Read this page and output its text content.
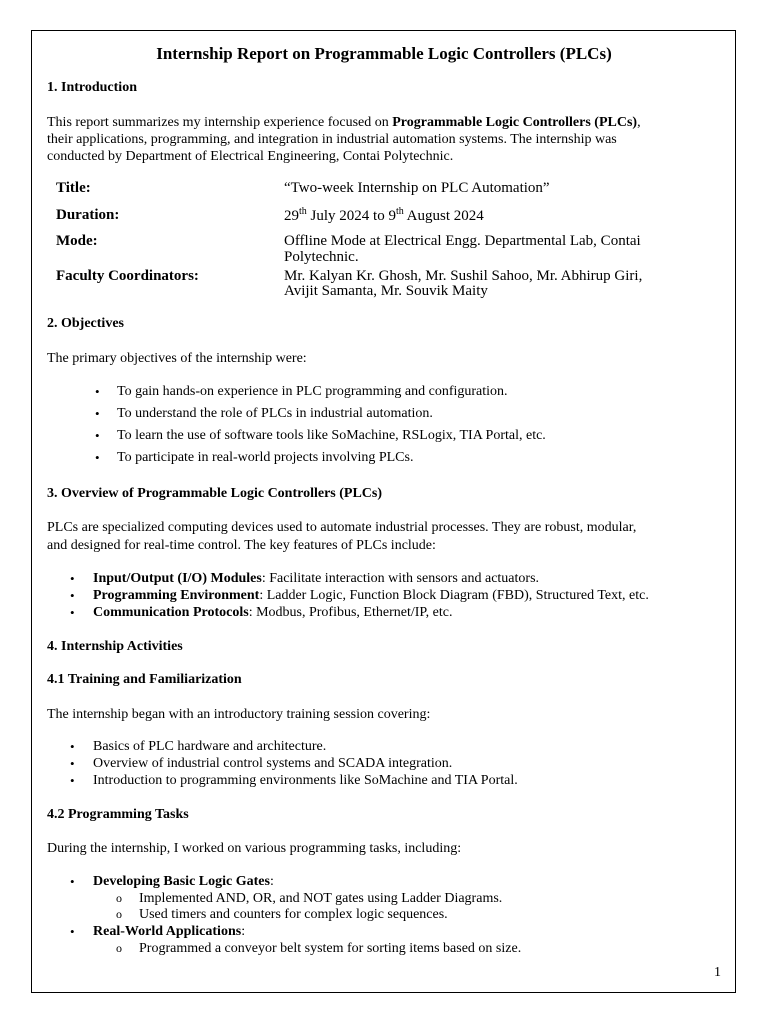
Internship Report on Programmable Logic Controllers (PLCs)
1. Introduction
This report summarizes my internship experience focused on Programmable Logic Controllers (PLCs),
their applications, programming, and integration in industrial automation systems. The internship was
conducted by Department of Electrical Engineering, Contai Polytechnic.
Title:	“Two-week Internship on PLC Automation”
Duration:	29th July 2024 to 9th August 2024
Mode:	Offline Mode at Electrical Engg. Departmental Lab, Contai
Polytechnic.
Faculty Coordinators:	Mr. Kalyan Kr. Ghosh, Mr. Sushil Sahoo, Mr. Abhirup Giri,
Avijit Samanta, Mr. Souvik Maity
2. Objectives
The primary objectives of the internship were:
• To gain hands-on experience in PLC programming and configuration.
• To understand the role of PLCs in industrial automation.
• To learn the use of software tools like SoMachine, RSLogix, TIA Portal, etc.
• To participate in real-world projects involving PLCs.
3. Overview of Programmable Logic Controllers (PLCs)
PLCs are specialized computing devices used to automate industrial processes. They are robust, modular,
and designed for real-time control. The key features of PLCs include:
• Input/Output (I/O) Modules: Facilitate interaction with sensors and actuators.
• Programming Environment: Ladder Logic, Function Block Diagram (FBD), Structured Text, etc.
• Communication Protocols: Modbus, Profibus, Ethernet/IP, etc.
4. Internship Activities
4.1 Training and Familiarization
The internship began with an introductory training session covering:
• Basics of PLC hardware and architecture.
• Overview of industrial control systems and SCADA integration.
• Introduction to programming environments like SoMachine and TIA Portal.
4.2 Programming Tasks
During the internship, I worked on various programming tasks, including:
• Developing Basic Logic Gates:
o Implemented AND, OR, and NOT gates using Ladder Diagrams.
o Used timers and counters for complex logic sequences.
• Real-World Applications:
o Programmed a conveyor belt system for sorting items based on size.
1
